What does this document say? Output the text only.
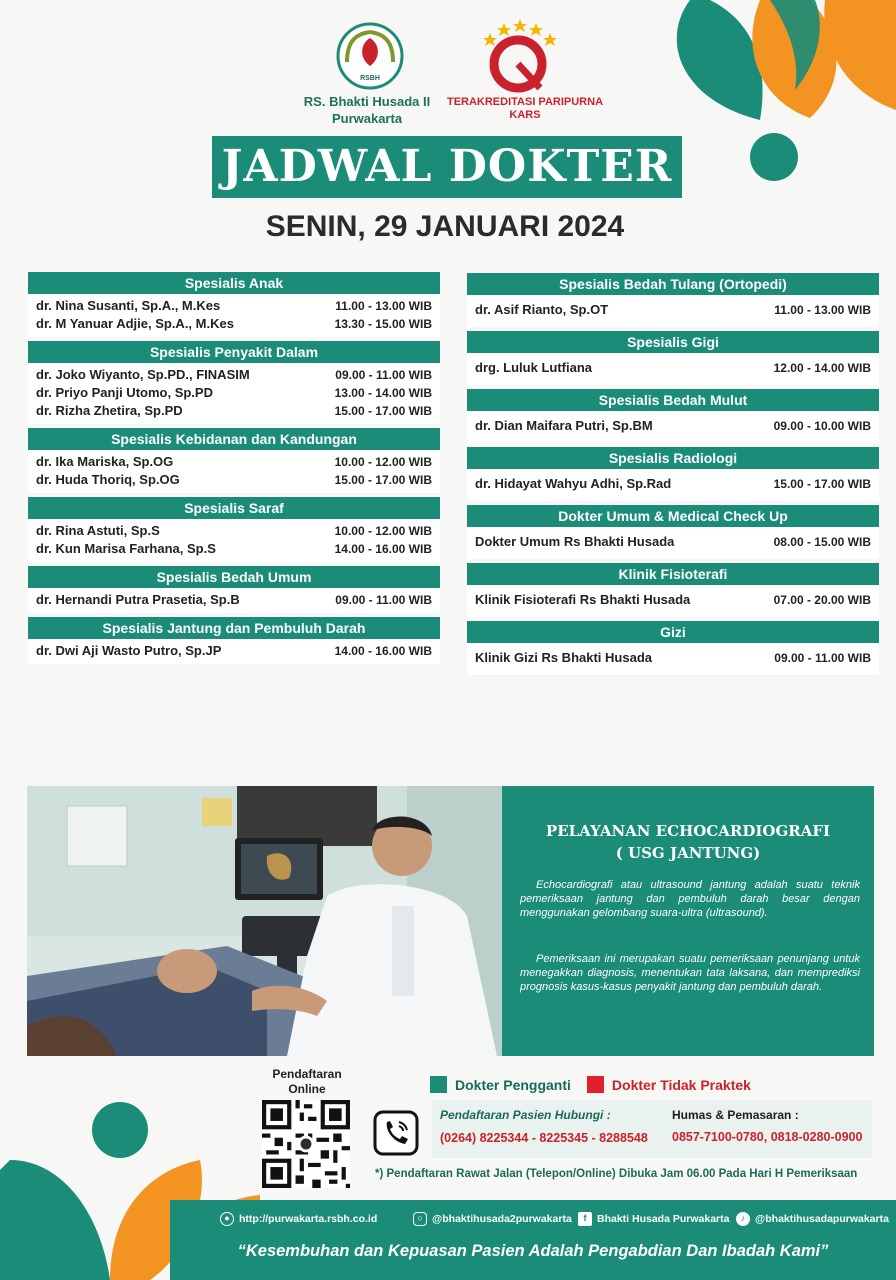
RSBH
RS. Bhakti Husada II
Purwakarta
TERAKREDITASI PARIPURNA
KARS
JADWAL DOKTER
SENIN, 29 JANUARI 2024
Spesialis Anak
dr. Nina Susanti, Sp.A., M.Kes	11.00 - 13.00 WIB
dr. M Yanuar Adjie, Sp.A., M.Kes	13.30 - 15.00 WIB
Spesialis Penyakit Dalam
dr. Joko Wiyanto, Sp.PD., FINASIM	09.00 - 11.00 WIB
dr. Priyo Panji Utomo, Sp.PD	13.00 - 14.00 WIB
dr. Rizha Zhetira, Sp.PD	15.00 - 17.00 WIB
Spesialis Kebidanan dan Kandungan
dr. Ika Mariska, Sp.OG	10.00 - 12.00 WIB
dr. Huda Thoriq, Sp.OG	15.00 - 17.00 WIB
Spesialis Saraf
dr. Rina Astuti, Sp.S	10.00 - 12.00 WIB
dr. Kun Marisa Farhana, Sp.S	14.00 - 16.00 WIB
Spesialis Bedah Umum
dr. Hernandi Putra Prasetia, Sp.B	09.00 - 11.00 WIB
Spesialis Jantung dan Pembuluh Darah
dr. Dwi Aji Wasto Putro, Sp.JP	14.00 - 16.00 WIB
Spesialis Bedah Tulang (Ortopedi)
dr. Asif Rianto, Sp.OT	11.00 - 13.00 WIB
Spesialis Gigi
drg. Luluk Lutfiana	12.00 - 14.00 WIB
Spesialis Bedah Mulut
dr. Dian Maifara Putri, Sp.BM	09.00 - 10.00 WIB
Spesialis Radiologi
dr. Hidayat Wahyu Adhi, Sp.Rad	15.00 - 17.00 WIB
Dokter Umum & Medical Check Up
Dokter Umum Rs Bhakti Husada	08.00 - 15.00 WIB
Klinik Fisioterafi
Klinik Fisioterafi Rs Bhakti Husada	07.00 - 20.00 WIB
Gizi
Klinik Gizi Rs Bhakti Husada	09.00 - 11.00 WIB
PELAYANAN ECHOCARDIOGRAFI
( USG JANTUNG)
Echocardiografi atau ultrasound jantung adalah suatu teknik pemeriksaan jantung dan pembuluh darah besar dengan menggunakan gelombang suara-ultra (ultrasound).
Pemeriksaan ini merupakan suatu pemeriksaan penunjang untuk menegakkan diagnosis, menentukan tata laksana, dan memprediksi prognosis kasus-kasus penyakit jantung dan pembuluh darah.
Pendaftaran
Online	Dokter Pengganti	Dokter Tidak Praktek
Pendaftaran Pasien Hubungi :
(0264) 8225344 - 8225345 - 8288548
Humas & Pemasaran :
0857-7100-0780, 0818-0280-0900
*) Pendaftaran Rawat Jalan (Telepon/Online) Dibuka Jam 06.00 Pada Hari H Pemeriksaan
● http://purwakarta.rsbh.co.id	○ @bhaktihusada2purwakarta	f	Bhakti Husada Purwakarta	♪ @bhaktihusadapurwakarta
“Kesembuhan dan Kepuasan Pasien Adalah Pengabdian Dan Ibadah Kami”
